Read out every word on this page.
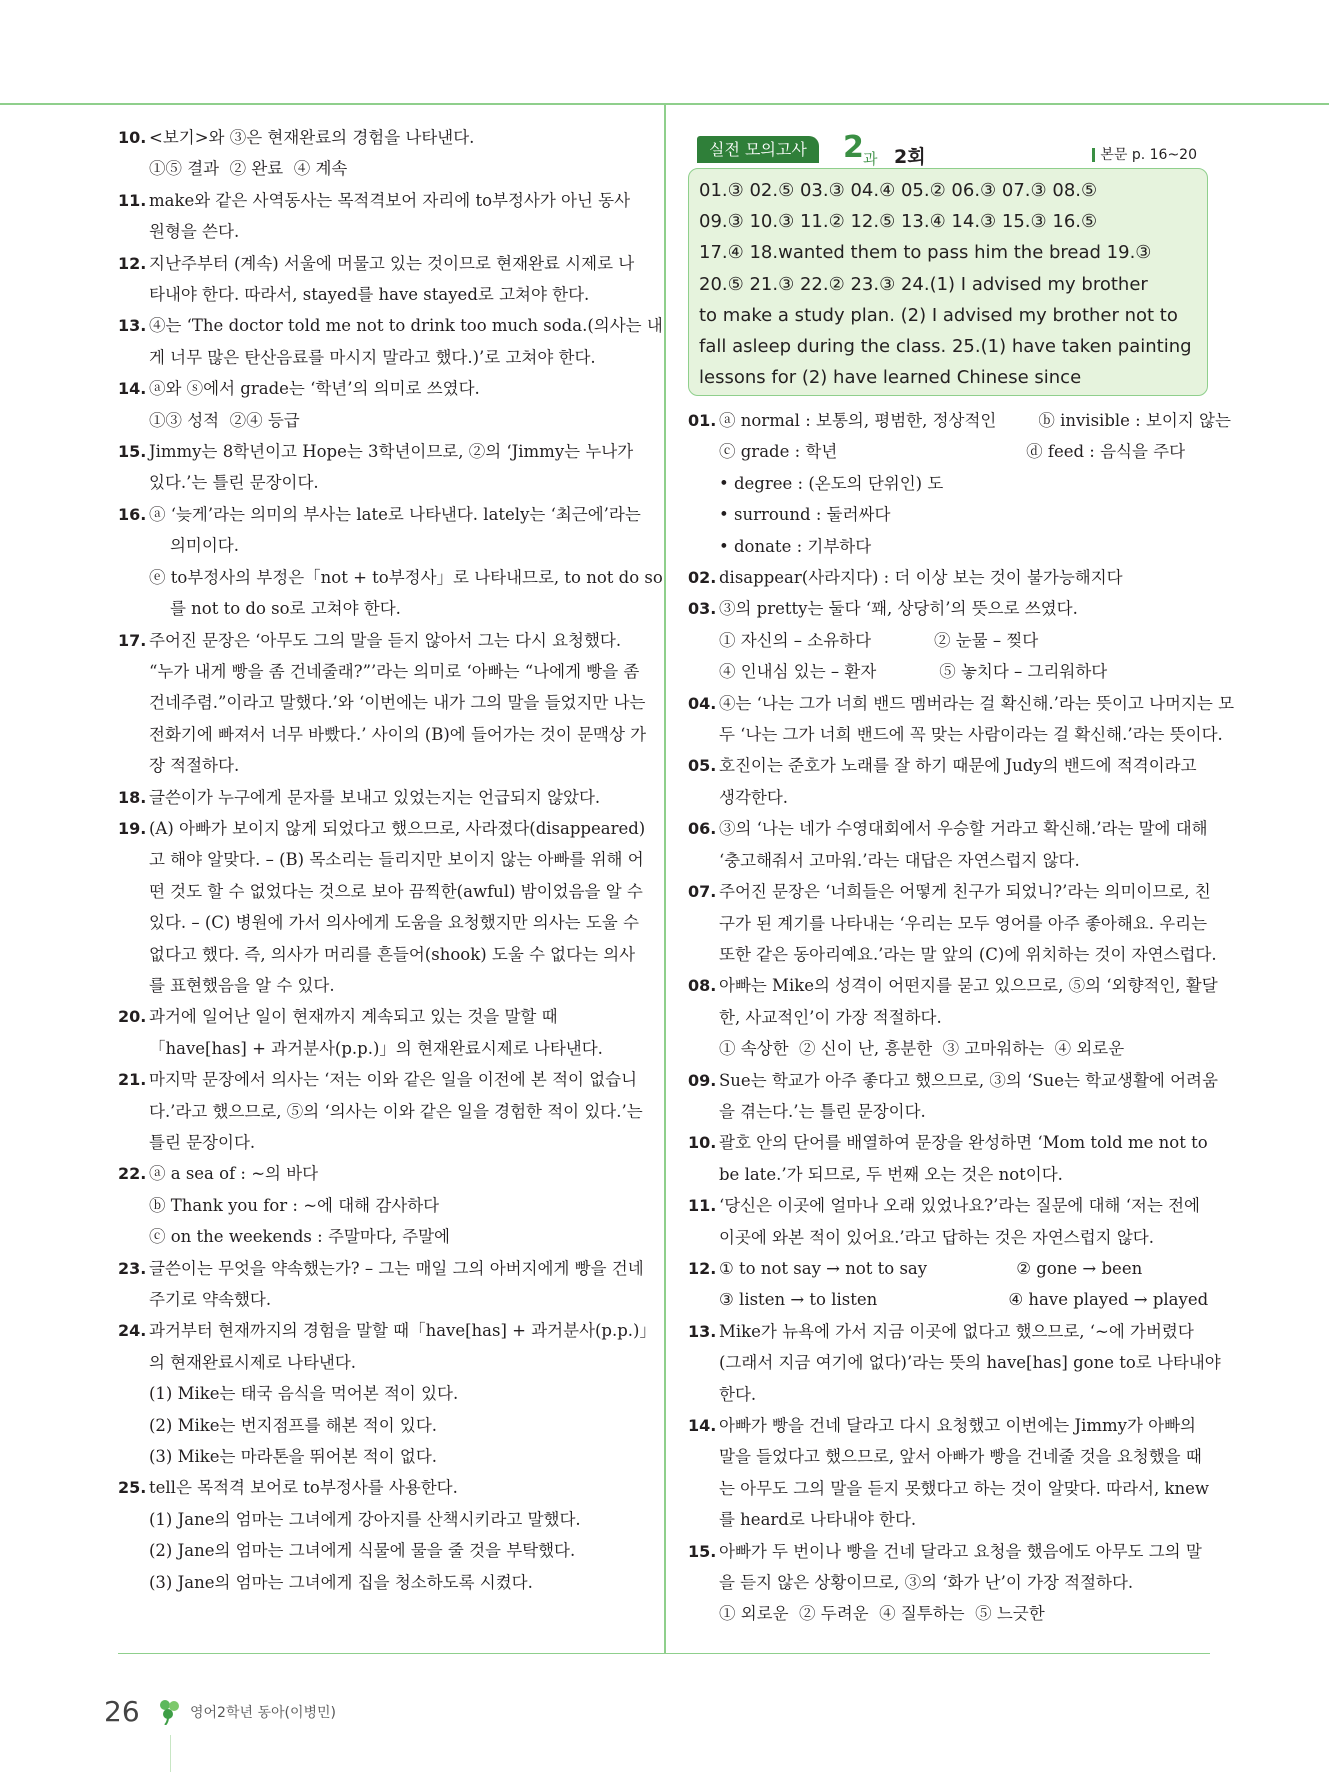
10. <보기>와 ③은 현재완료의 경험을 나타낸다.
①⑤ 결과  ② 완료  ④ 계속
11. make와 같은 사역동사는 목적격보어 자리에 to부정사가 아닌 동사
원형을 쓴다.
12. 지난주부터 (계속) 서울에 머물고 있는 것이므로 현재완료 시제로 나
타내야 한다. 따라서, stayed를 have stayed로 고쳐야 한다.
13. ④는 ‘The doctor told me not to drink too much soda.(의사는 내
게 너무 많은 탄산음료를 마시지 말라고 했다.)’로 고쳐야 한다.
14. ⓐ와 ⓢ에서 grade는 ‘학년’의 의미로 쓰였다.
①③ 성적  ②④ 등급
15. Jimmy는 8학년이고 Hope는 3학년이므로, ②의 ‘Jimmy는 누나가
있다.’는 틀린 문장이다.
16. ⓐ ‘늦게’라는 의미의 부사는 late로 나타낸다. lately는 ‘최근에’라는
의미이다.
ⓔ to부정사의 부정은「not + to부정사」로 나타내므로, to not do so
를 not to do so로 고쳐야 한다.
17. 주어진 문장은 ‘아무도 그의 말을 듣지 않아서 그는 다시 요청했다.
“누가 내게 빵을 좀 건네줄래?”’라는 의미로 ‘아빠는 “나에게 빵을 좀
건네주렴.”이라고 말했다.’와 ‘이번에는 내가 그의 말을 들었지만 나는
전화기에 빠져서 너무 바빴다.’ 사이의 (B)에 들어가는 것이 문맥상 가
장 적절하다.
18. 글쓴이가 누구에게 문자를 보내고 있었는지는 언급되지 않았다.
19. (A) 아빠가 보이지 않게 되었다고 했으므로, 사라졌다(disappeared)
고 해야 알맞다. – (B) 목소리는 들리지만 보이지 않는 아빠를 위해 어
떤 것도 할 수 없었다는 것으로 보아 끔찍한(awful) 밤이었음을 알 수
있다. – (C) 병원에 가서 의사에게 도움을 요청했지만 의사는 도울 수
없다고 했다. 즉, 의사가 머리를 흔들어(shook) 도울 수 없다는 의사
를 표현했음을 알 수 있다.
20. 과거에 일어난 일이 현재까지 계속되고 있는 것을 말할 때
「have[has] + 과거분사(p.p.)」의 현재완료시제로 나타낸다.
21. 마지막 문장에서 의사는 ‘저는 이와 같은 일을 이전에 본 적이 없습니
다.’라고 했으므로, ⑤의 ‘의사는 이와 같은 일을 경험한 적이 있다.’는
틀린 문장이다.
22. ⓐ a sea of : ~의 바다
ⓑ Thank you for : ~에 대해 감사하다
ⓒ on the weekends : 주말마다, 주말에
23. 글쓴이는 무엇을 약속했는가? – 그는 매일 그의 아버지에게 빵을 건네
주기로 약속했다.
24. 과거부터 현재까지의 경험을 말할 때「have[has] + 과거분사(p.p.)」
의 현재완료시제로 나타낸다.
(1) Mike는 태국 음식을 먹어본 적이 있다.
(2) Mike는 번지점프를 해본 적이 있다.
(3) Mike는 마라톤을 뛰어본 적이 없다.
25. tell은 목적격 보어로 to부정사를 사용한다.
(1) Jane의 엄마는 그녀에게 강아지를 산책시키라고 말했다.
(2) Jane의 엄마는 그녀에게 식물에 물을 줄 것을 부탁했다.
(3) Jane의 엄마는 그녀에게 집을 청소하도록 시켰다.
실전 모의고사	2 과 2회	본문 p. 16~20
01.③ 02.⑤ 03.③ 04.④ 05.② 06.③ 07.③ 08.⑤
09.③ 10.③ 11.② 12.⑤ 13.④ 14.③ 15.③ 16.⑤
17.④ 18.wanted them to pass him the bread 19.③
20.⑤ 21.③ 22.② 23.③ 24.(1) I advised my brother
to make a study plan. (2) I advised my brother not to
fall asleep during the class. 25.(1) have taken painting
lessons for (2) have learned Chinese since
01. ⓐ normal : 보통의, 평범한, 정상적인        ⓑ invisible : 보이지 않는
ⓒ grade : 학년                                    ⓓ feed : 음식을 주다
• degree : (온도의 단위인) 도
• surround : 둘러싸다
• donate : 기부하다
02. disappear(사라지다) : 더 이상 보는 것이 불가능해지다
03. ③의 pretty는 둘다 ‘꽤, 상당히’의 뜻으로 쓰였다.
① 자신의 – 소유하다            ② 눈물 – 찢다
④ 인내심 있는 – 환자            ⑤ 놓치다 – 그리워하다
04. ④는 ‘나는 그가 너희 밴드 멤버라는 걸 확신해.’라는 뜻이고 나머지는 모
두 ‘나는 그가 너희 밴드에 꼭 맞는 사람이라는 걸 확신해.’라는 뜻이다.
05. 호진이는 준호가 노래를 잘 하기 때문에 Judy의 밴드에 적격이라고
생각한다.
06. ③의 ‘나는 네가 수영대회에서 우승할 거라고 확신해.’라는 말에 대해
‘충고해줘서 고마워.’라는 대답은 자연스럽지 않다.
07. 주어진 문장은 ‘너희들은 어떻게 친구가 되었니?’라는 의미이므로, 친
구가 된 계기를 나타내는 ‘우리는 모두 영어를 아주 좋아해요. 우리는
또한 같은 동아리예요.’라는 말 앞의 (C)에 위치하는 것이 자연스럽다.
08. 아빠는 Mike의 성격이 어떤지를 묻고 있으므로, ⑤의 ‘외향적인, 활달
한, 사교적인’이 가장 적절하다.
① 속상한  ② 신이 난, 흥분한  ③ 고마워하는  ④ 외로운
09. Sue는 학교가 아주 좋다고 했으므로, ③의 ‘Sue는 학교생활에 어려움
을 겪는다.’는 틀린 문장이다.
10. 괄호 안의 단어를 배열하여 문장을 완성하면 ‘Mom told me not to
be late.’가 되므로, 두 번째 오는 것은 not이다.
11. ‘당신은 이곳에 얼마나 오래 있었나요?’라는 질문에 대해 ‘저는 전에
이곳에 와본 적이 있어요.’라고 답하는 것은 자연스럽지 않다.
12. ① to not say → not to say                 ② gone → been
③ listen → to listen                         ④ have played → played
13. Mike가 뉴욕에 가서 지금 이곳에 없다고 했으므로, ‘~에 가버렸다
(그래서 지금 여기에 없다)’라는 뜻의 have[has] gone to로 나타내야
한다.
14. 아빠가 빵을 건네 달라고 다시 요청했고 이번에는 Jimmy가 아빠의
말을 들었다고 했으므로, 앞서 아빠가 빵을 건네줄 것을 요청했을 때
는 아무도 그의 말을 듣지 못했다고 하는 것이 알맞다. 따라서, knew
를 heard로 나타내야 한다.
15. 아빠가 두 번이나 빵을 건네 달라고 요청을 했음에도 아무도 그의 말
을 듣지 않은 상황이므로, ③의 ‘화가 난’이 가장 적절하다.
① 외로운  ② 두려운  ④ 질투하는  ⑤ 느긋한
26	영어2학년 동아(이병민)
